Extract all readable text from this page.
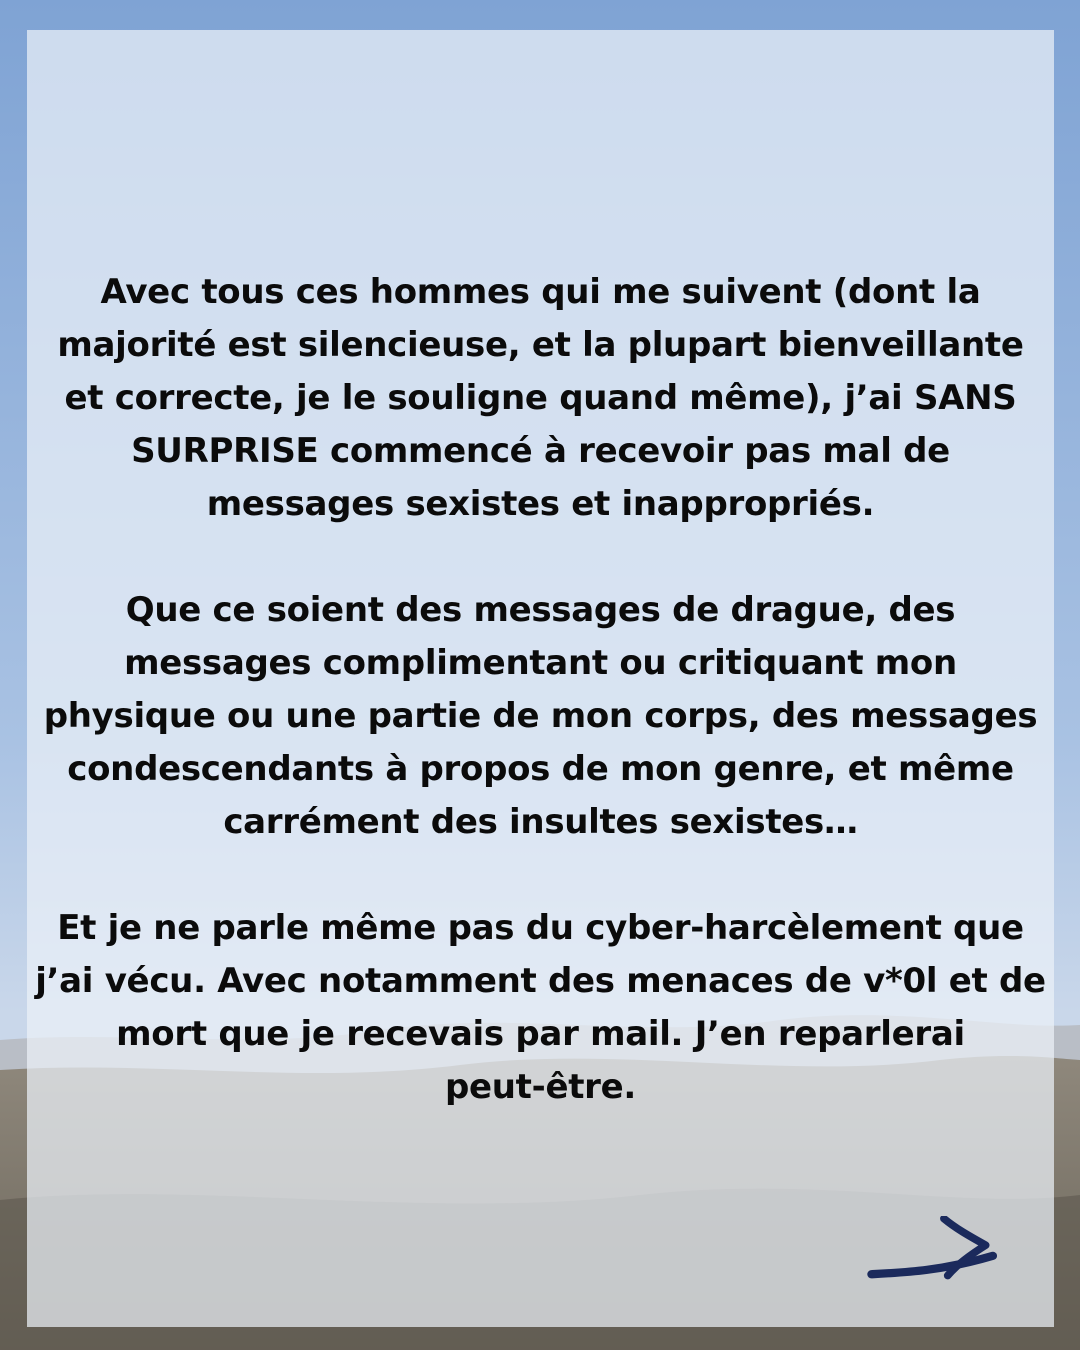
Avec tous ces hommes qui me suivent (dont la
majorité est silencieuse, et la plupart bienveillante
et correcte, je le souligne quand même), j’ai SANS
SURPRISE commencé à recevoir pas mal de
messages sexistes et inappropriés.

Que ce soient des messages de drague, des
messages complimentant ou critiquant mon
physique ou une partie de mon corps, des messages
condescendants à propos de mon genre, et même
carrément des insultes sexistes…

Et je ne parle même pas du cyber-harcèlement que
j’ai vécu. Avec notamment des menaces de v*0l et de
mort que je recevais par mail. J’en reparlerai
peut-être.
